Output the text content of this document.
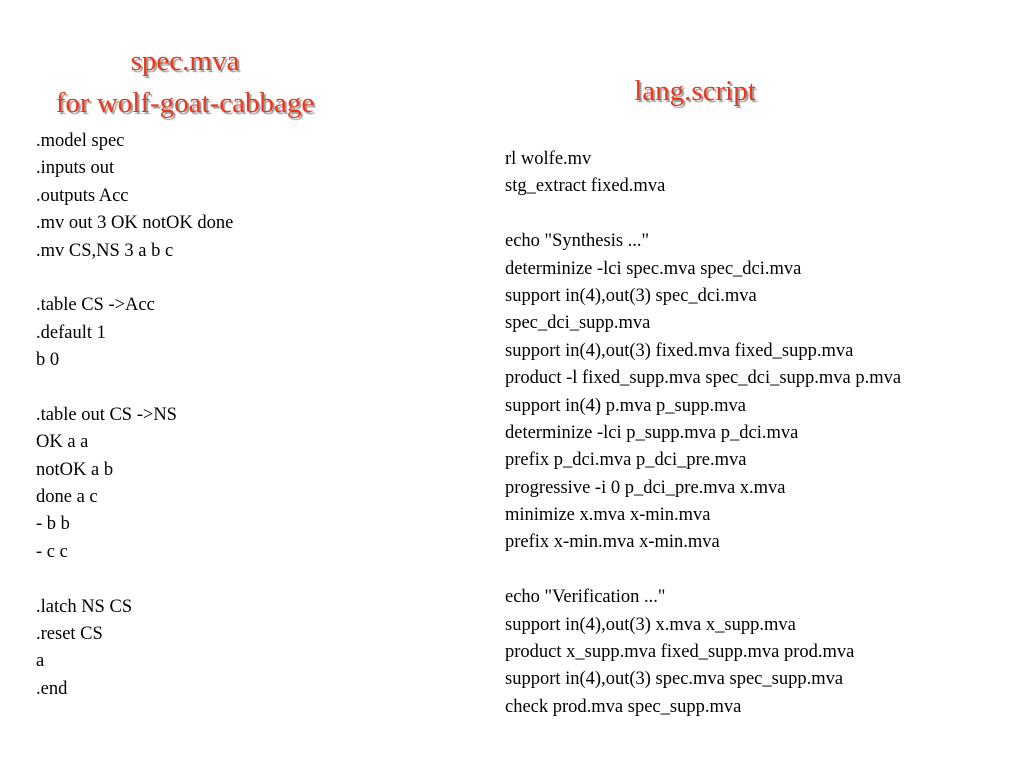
spec.mva
for wolf-goat-cabbage	lang.script
.model spec
.inputs out
.outputs Acc
.mv out 3 OK notOK done
.mv CS,NS 3 a b c
.table CS ->Acc
.default 1
b 0
.table out CS ->NS
OK a a
notOK a b
done a c
- b b
- c c
.latch NS CS
.reset CS
a
.end
rl wolfe.mv
stg_extract fixed.mva
echo "Synthesis ..."
determinize -lci spec.mva spec_dci.mva
support in(4),out(3) spec_dci.mva
spec_dci_supp.mva
support in(4),out(3) fixed.mva fixed_supp.mva
product -l fixed_supp.mva spec_dci_supp.mva p.mva
support in(4) p.mva p_supp.mva
determinize -lci p_supp.mva p_dci.mva
prefix p_dci.mva p_dci_pre.mva
progressive -i 0 p_dci_pre.mva x.mva
minimize x.mva x-min.mva
prefix x-min.mva x-min.mva
echo "Verification ..."
support in(4),out(3) x.mva x_supp.mva
product x_supp.mva fixed_supp.mva prod.mva
support in(4),out(3) spec.mva spec_supp.mva
check prod.mva spec_supp.mva
